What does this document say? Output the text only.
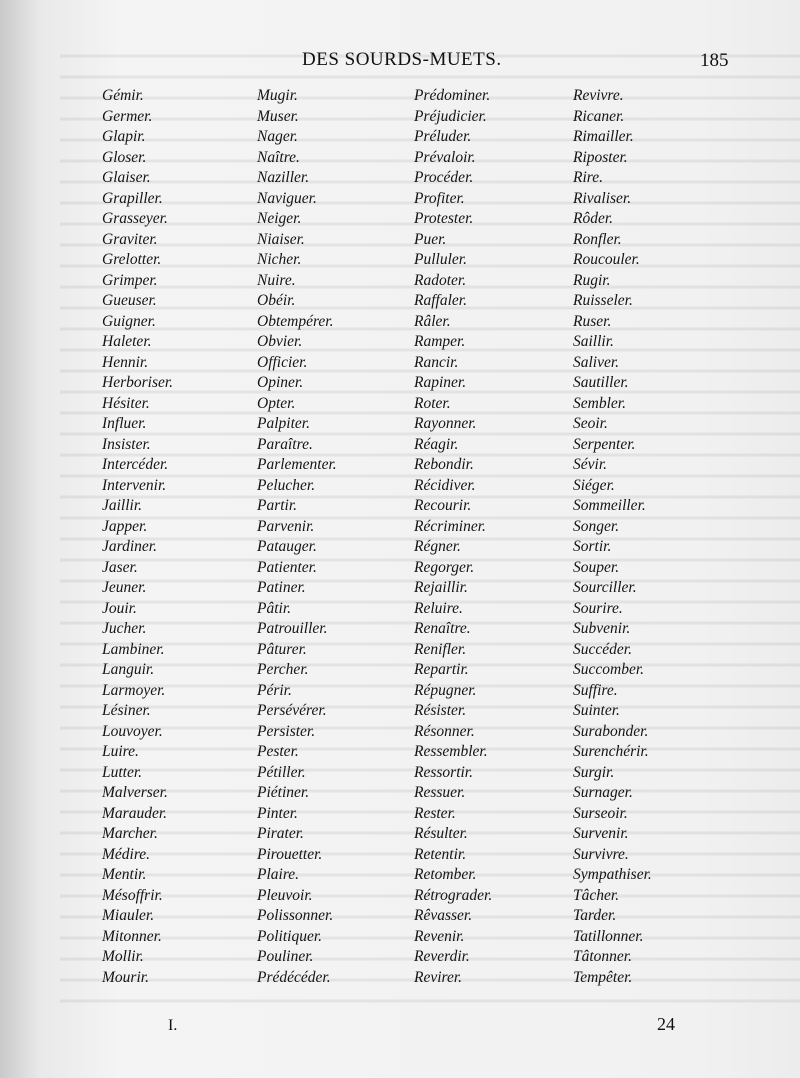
DES SOURDS-MUETS.	185
Gémir.
Germer.
Glapir.
Gloser.
Glaiser.
Grapiller.
Grasseyer.
Graviter.
Grelotter.
Grimper.
Gueuser.
Guigner.
Haleter.
Hennir.
Herboriser.
Hésiter.
Influer.
Insister.
Intercéder.
Intervenir.
Jaillir.
Japper.
Jardiner.
Jaser.
Jeuner.
Jouir.
Jucher.
Lambiner.
Languir.
Larmoyer.
Lésiner.
Louvoyer.
Luire.
Lutter.
Malverser.
Marauder.
Marcher.
Médire.
Mentir.
Mésoffrir.
Miauler.
Mitonner.
Mollir.
Mourir.
Mugir.
Muser.
Nager.
Naître.
Naziller.
Naviguer.
Neiger.
Niaiser.
Nicher.
Nuire.
Obéir.
Obtempérer.
Obvier.
Officier.
Opiner.
Opter.
Palpiter.
Paraître.
Parlementer.
Pelucher.
Partir.
Parvenir.
Patauger.
Patienter.
Patiner.
Pâtir.
Patrouiller.
Pâturer.
Percher.
Périr.
Persévérer.
Persister.
Pester.
Pétiller.
Piétiner.
Pinter.
Pirater.
Pirouetter.
Plaire.
Pleuvoir.
Polissonner.
Politiquer.
Pouliner.
Prédécéder.
Prédominer.
Préjudicier.
Préluder.
Prévaloir.
Procéder.
Profiter.
Protester.
Puer.
Pulluler.
Radoter.
Raffaler.
Râler.
Ramper.
Rancir.
Rapiner.
Roter.
Rayonner.
Réagir.
Rebondir.
Récidiver.
Recourir.
Récriminer.
Régner.
Regorger.
Rejaillir.
Reluire.
Renaître.
Renifler.
Repartir.
Répugner.
Résister.
Résonner.
Ressembler.
Ressortir.
Ressuer.
Rester.
Résulter.
Retentir.
Retomber.
Rétrograder.
Rêvasser.
Revenir.
Reverdir.
Revirer.
Revivre.
Ricaner.
Rimailler.
Riposter.
Rire.
Rivaliser.
Rôder.
Ronfler.
Roucouler.
Rugir.
Ruisseler.
Ruser.
Saillir.
Saliver.
Sautiller.
Sembler.
Seoir.
Serpenter.
Sévir.
Siéger.
Sommeiller.
Songer.
Sortir.
Souper.
Sourciller.
Sourire.
Subvenir.
Succéder.
Succomber.
Suffire.
Suinter.
Surabonder.
Surenchérir.
Surgir.
Surnager.
Surseoir.
Survenir.
Survivre.
Sympathiser.
Tâcher.
Tarder.
Tatillonner.
Tâtonner.
Tempêter.
I.	24
